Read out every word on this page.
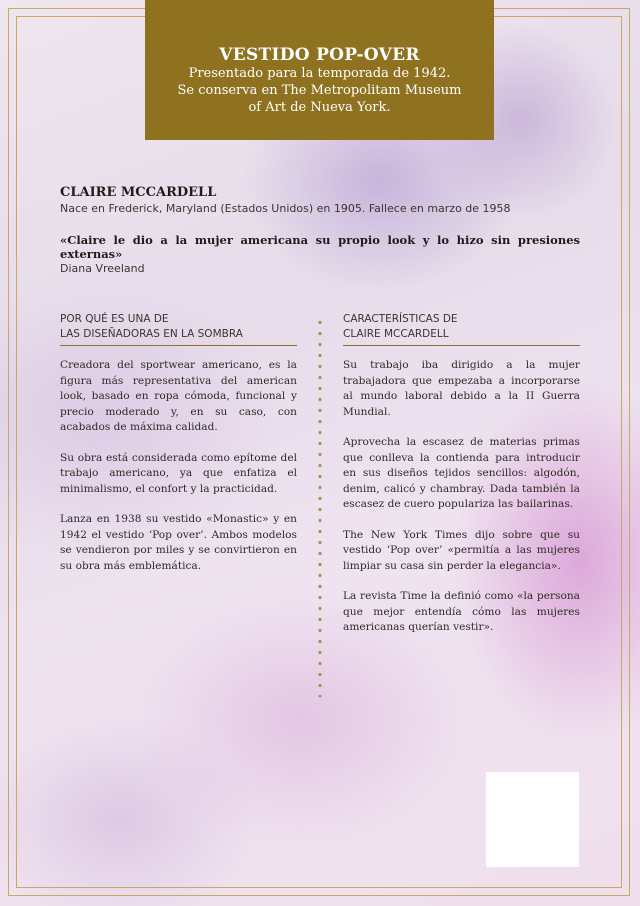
VESTIDO POP-OVER
Presentado para la temporada de 1942.
Se conserva en The Metropolitam Museum
of Art de Nueva York.
CLAIRE MCCARDELL
Nace en Frederick, Maryland (Estados Unidos) en 1905. Fallece en marzo de 1958
«Claire le dio a la mujer americana su propio look y lo hizo sin presiones externas»
Diana Vreeland
POR QUÉ ES UNA DE
LAS DISEÑADORAS EN LA SOMBRA

Creadora del sportwear americano, es la figura más representativa del american look, basado en ropa cómoda, funcional y precio moderado y, en su caso, con acabados de máxima calidad.

Su obra está considerada como epítome del trabajo americano, ya que enfatiza el minimalismo, el confort y la practicidad.

Lanza en 1938 su vestido «Monastic» y en 1942 el vestido ‘Pop over’. Ambos modelos se vendieron por miles y se convirtieron en su obra más emblemática.

CARACTERÍSTICAS DE
CLAIRE MCCARDELL

Su trabajo iba dirigido a la mujer trabajadora que empezaba a incorporarse al mundo laboral debido a la II Guerra Mundial.

Aprovecha la escasez de materias primas que conlleva la contienda para introducir en sus diseños tejidos sencillos: algodón, denim, calicó y chambray. Dada también la escasez de cuero populariza las bailarinas.

The New York Times dijo sobre que su vestido ‘Pop over’ «permitía a las mujeres limpiar su casa sin perder la elegancia».

La revista Time la definió como «la persona que mejor entendía cómo las mujeres americanas querían vestir».
